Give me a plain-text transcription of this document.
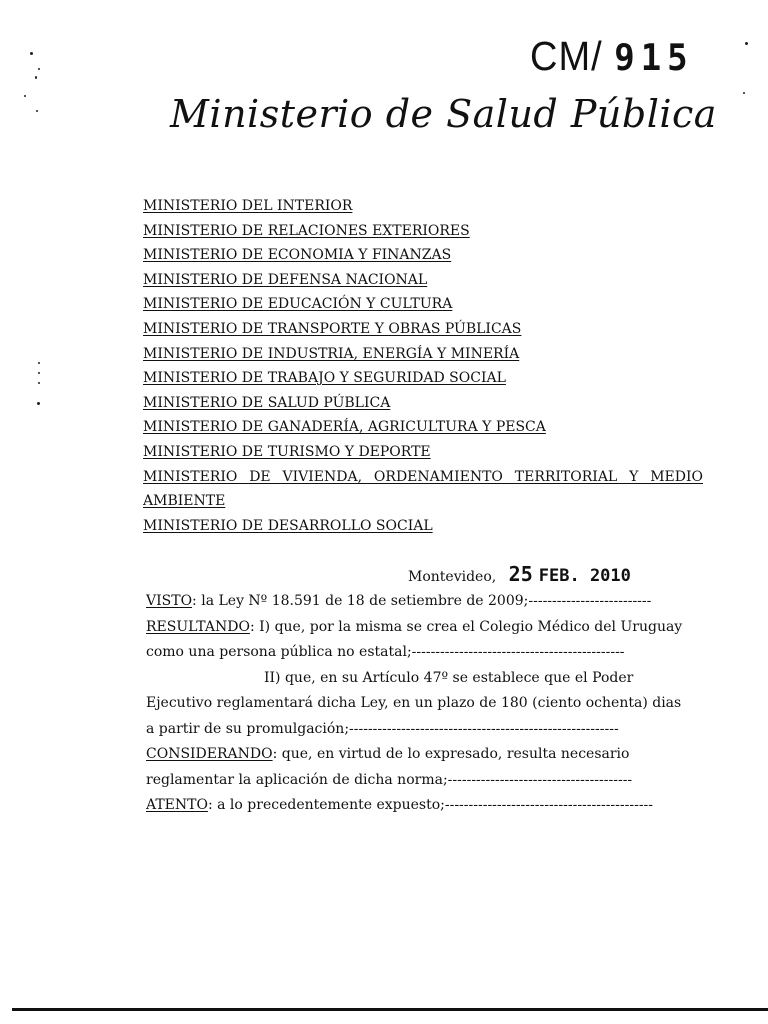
CM/ 915
Ministerio de Salud Pública
MINISTERIO DEL INTERIOR
MINISTERIO DE RELACIONES EXTERIORES
MINISTERIO DE ECONOMIA Y FINANZAS
MINISTERIO DE DEFENSA NACIONAL
MINISTERIO DE EDUCACIÓN Y CULTURA
MINISTERIO DE TRANSPORTE Y OBRAS PÚBLICAS
MINISTERIO DE INDUSTRIA, ENERGÍA Y MINERÍA
MINISTERIO DE TRABAJO Y SEGURIDAD SOCIAL
MINISTERIO DE SALUD PÚBLICA
MINISTERIO DE GANADERÍA, AGRICULTURA Y PESCA
MINISTERIO DE TURISMO Y DEPORTE
MINISTERIO DE VIVIENDA, ORDENAMIENTO TERRITORIAL Y MEDIO
AMBIENTE
MINISTERIO DE DESARROLLO SOCIAL
Montevideo, 25 FEB. 2010
VISTO: la Ley Nº 18.591 de 18 de setiembre de 2009;--------------------------
RESULTANDO: I) que, por la misma se crea el Colegio Médico del Uruguay
como una persona pública no estatal;---------------------------------------------
II) que, en su Artículo 47º se establece que el Poder
Ejecutivo reglamentará dicha Ley, en un plazo de 180 (ciento ochenta) dias
a partir de su promulgación;---------------------------------------------------------
CONSIDERANDO: que, en virtud de lo expresado, resulta necesario
reglamentar la aplicación de dicha norma;---------------------------------------
ATENTO: a lo precedentemente expuesto;--------------------------------------------
